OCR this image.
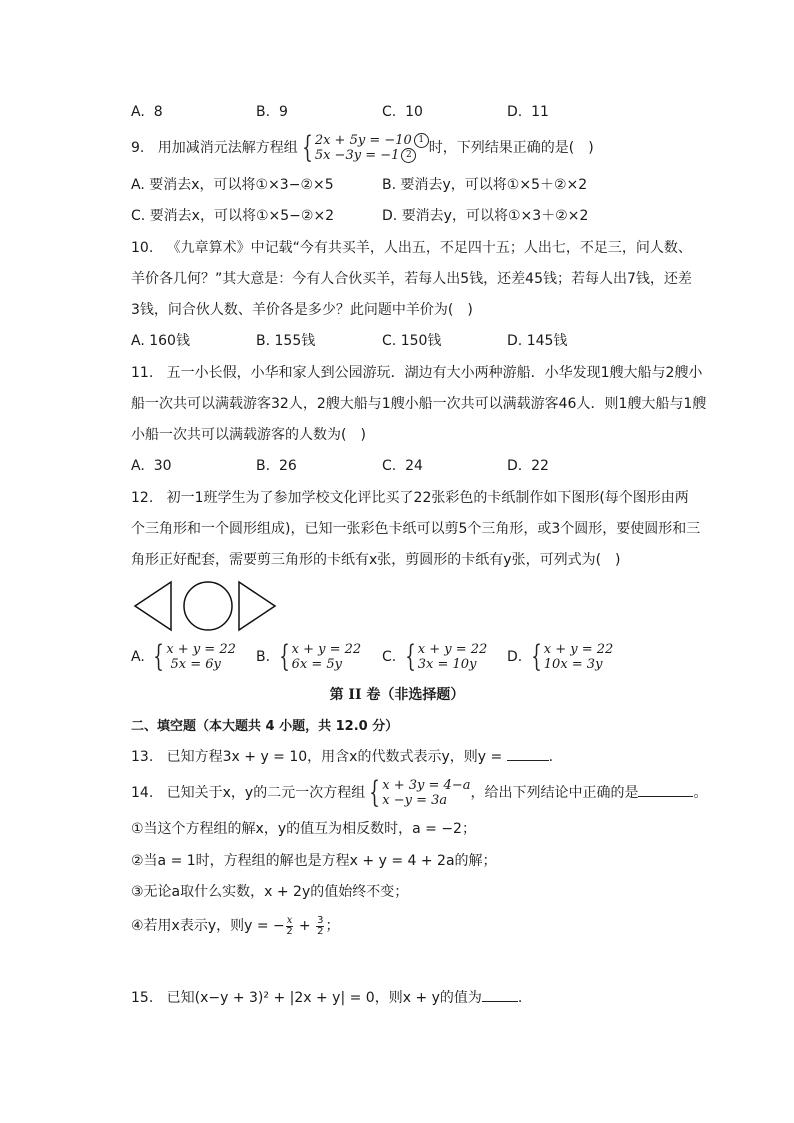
A. 8	B. 9	C. 10	D. 11
9. 用加减消元法解方程组 { 2x + 5y = −10 1
5x −3y = −1 2	时，下列结果正确的是(　)
A. 要消去x，可以将①×3−②×5	B. 要消去y，可以将①×5＋②×2
C. 要消去x，可以将①×5−②×2	D. 要消去y，可以将①×3＋②×2
10. 《九章算术》中记载“今有共买羊，人出五，不足四十五；人出七，不足三，问人数、
羊价各几何？”其大意是：今有人合伙买羊，若每人出5钱，还差45钱；若每人出7钱，还差
3钱，问合伙人数、羊价各是多少？此问题中羊价为(　)
A. 160钱	B. 155钱	C. 150钱	D. 145钱
11. 五一小长假，小华和家人到公园游玩．湖边有大小两种游船．小华发现1艘大船与2艘小
船一次共可以满载游客32人，2艘大船与1艘小船一次共可以满载游客46人．则1艘大船与1艘
小船一次共可以满载游客的人数为(　)
A. 30	B. 26	C. 24	D. 22
12. 初一1班学生为了参加学校文化评比买了22张彩色的卡纸制作如下图形(每个图形由两
个三角形和一个圆形组成)，已知一张彩色卡纸可以剪5个三角形，或3个圆形，要使圆形和三
角形正好配套，需要剪三角形的卡纸有x张，剪圆形的卡纸有y张，可列式为(　)
A. { x + y = 22
5x = 6y	B. { x + y = 22
6x = 5y	C. { x + y = 22
3x = 10y	D. { x + y = 22
10x = 3y
第 II 卷（非选择题）
二、填空题（本大题共 4 小题，共 12.0 分）
13. 已知方程3x + y = 10，用含x的代数式表示y，则y =	.
14. 已知关于x，y的二元一次方程组 { x + 3y = 4−a
x −y = 3a	，给出下列结论中正确的是	。
①当这个方程组的解x，y的值互为相反数时，a = −2；
②当a = 1时，方程组的解也是方程x + y = 4 + 2a的解；
③无论a取什么实数，x + 2y的值始终不变；
④若用x表示y，则y = − $\frac{x}{2} + \frac{3}{2}$ ；
15. 已知(x−y + 3)² + |2x + y| = 0，则x + y的值为	.
